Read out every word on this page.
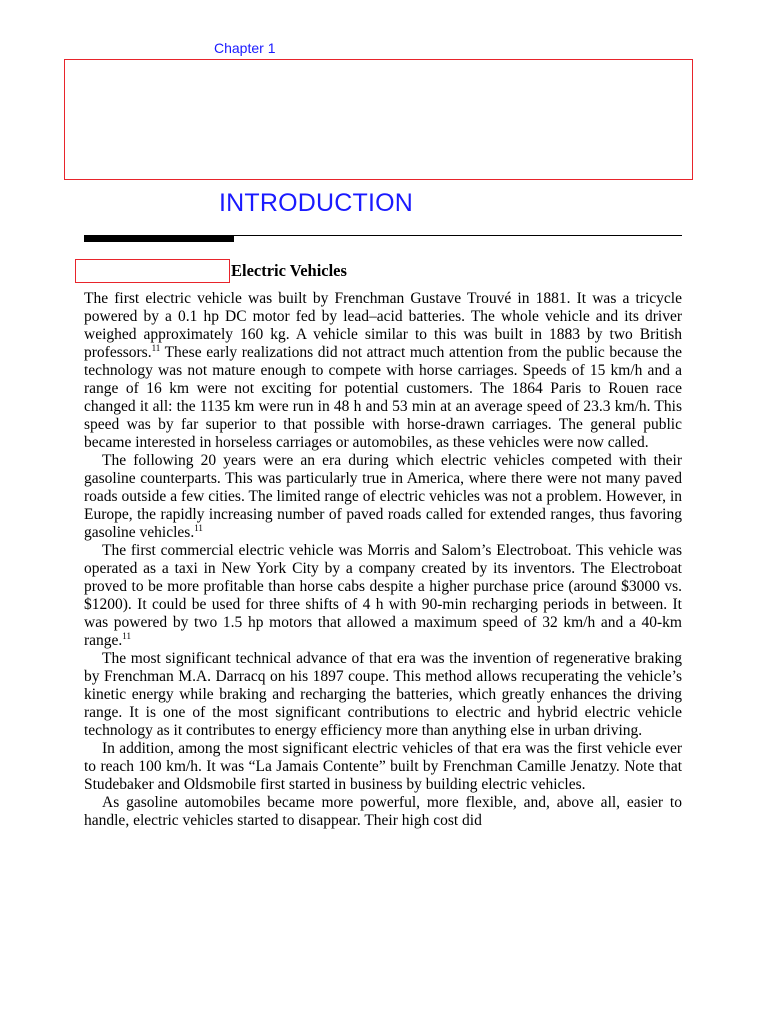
Chapter 1
INTRODUCTION
Electric Vehicles

The first electric vehicle was built by Frenchman Gustave Trouvé in 1881. It was a tricycle powered by a 0.1 hp DC motor fed by lead–acid batteries. The whole vehicle and its driver weighed approximately 160 kg. A vehicle similar to this was built in 1883 by two British professors.$^{11}$ These early realizations did not attract much attention from the public because the technology was not mature enough to compete with horse carriages. Speeds of 15 km/h and a range of 16 km were not exciting for potential customers. The 1864 Paris to Rouen race changed it all: the 1135 km were run in 48 h and 53 min at an average speed of 23.3 km/h. This speed was by far superior to that possible with horse-drawn carriages. The general public became interested in horseless carriages or automobiles, as these vehicles were now called.

The following 20 years were an era during which electric vehicles competed with their gasoline counterparts. This was particularly true in America, where there were not many paved roads outside a few cities. The limited range of electric vehicles was not a problem. However, in Europe, the rapidly increasing number of paved roads called for extended ranges, thus favoring gasoline vehicles.$^{11}$

The first commercial electric vehicle was Morris and Salom’s Electroboat. This vehicle was operated as a taxi in New York City by a company created by its inventors. The Electroboat proved to be more profitable than horse cabs despite a higher purchase price (around $3000 vs. $1200). It could be used for three shifts of 4 h with 90-min recharging periods in between. It was powered by two 1.5 hp motors that allowed a maximum speed of 32 km/h and a 40-km range.$^{11}$

The most significant technical advance of that era was the invention of regenerative braking by Frenchman M.A. Darracq on his 1897 coupe. This method allows recuperating the vehicle’s kinetic energy while braking and recharging the batteries, which greatly enhances the driving range. It is one of the most significant contributions to electric and hybrid electric vehicle technology as it contributes to energy efficiency more than anything else in urban driving.

In addition, among the most significant electric vehicles of that era was the first vehicle ever to reach 100 km/h. It was “La Jamais Contente” built by Frenchman Camille Jenatzy. Note that Studebaker and Oldsmobile first started in business by building electric vehicles.

As gasoline automobiles became more powerful, more flexible, and, above all, easier to handle, electric vehicles started to disappear. Their high cost did
